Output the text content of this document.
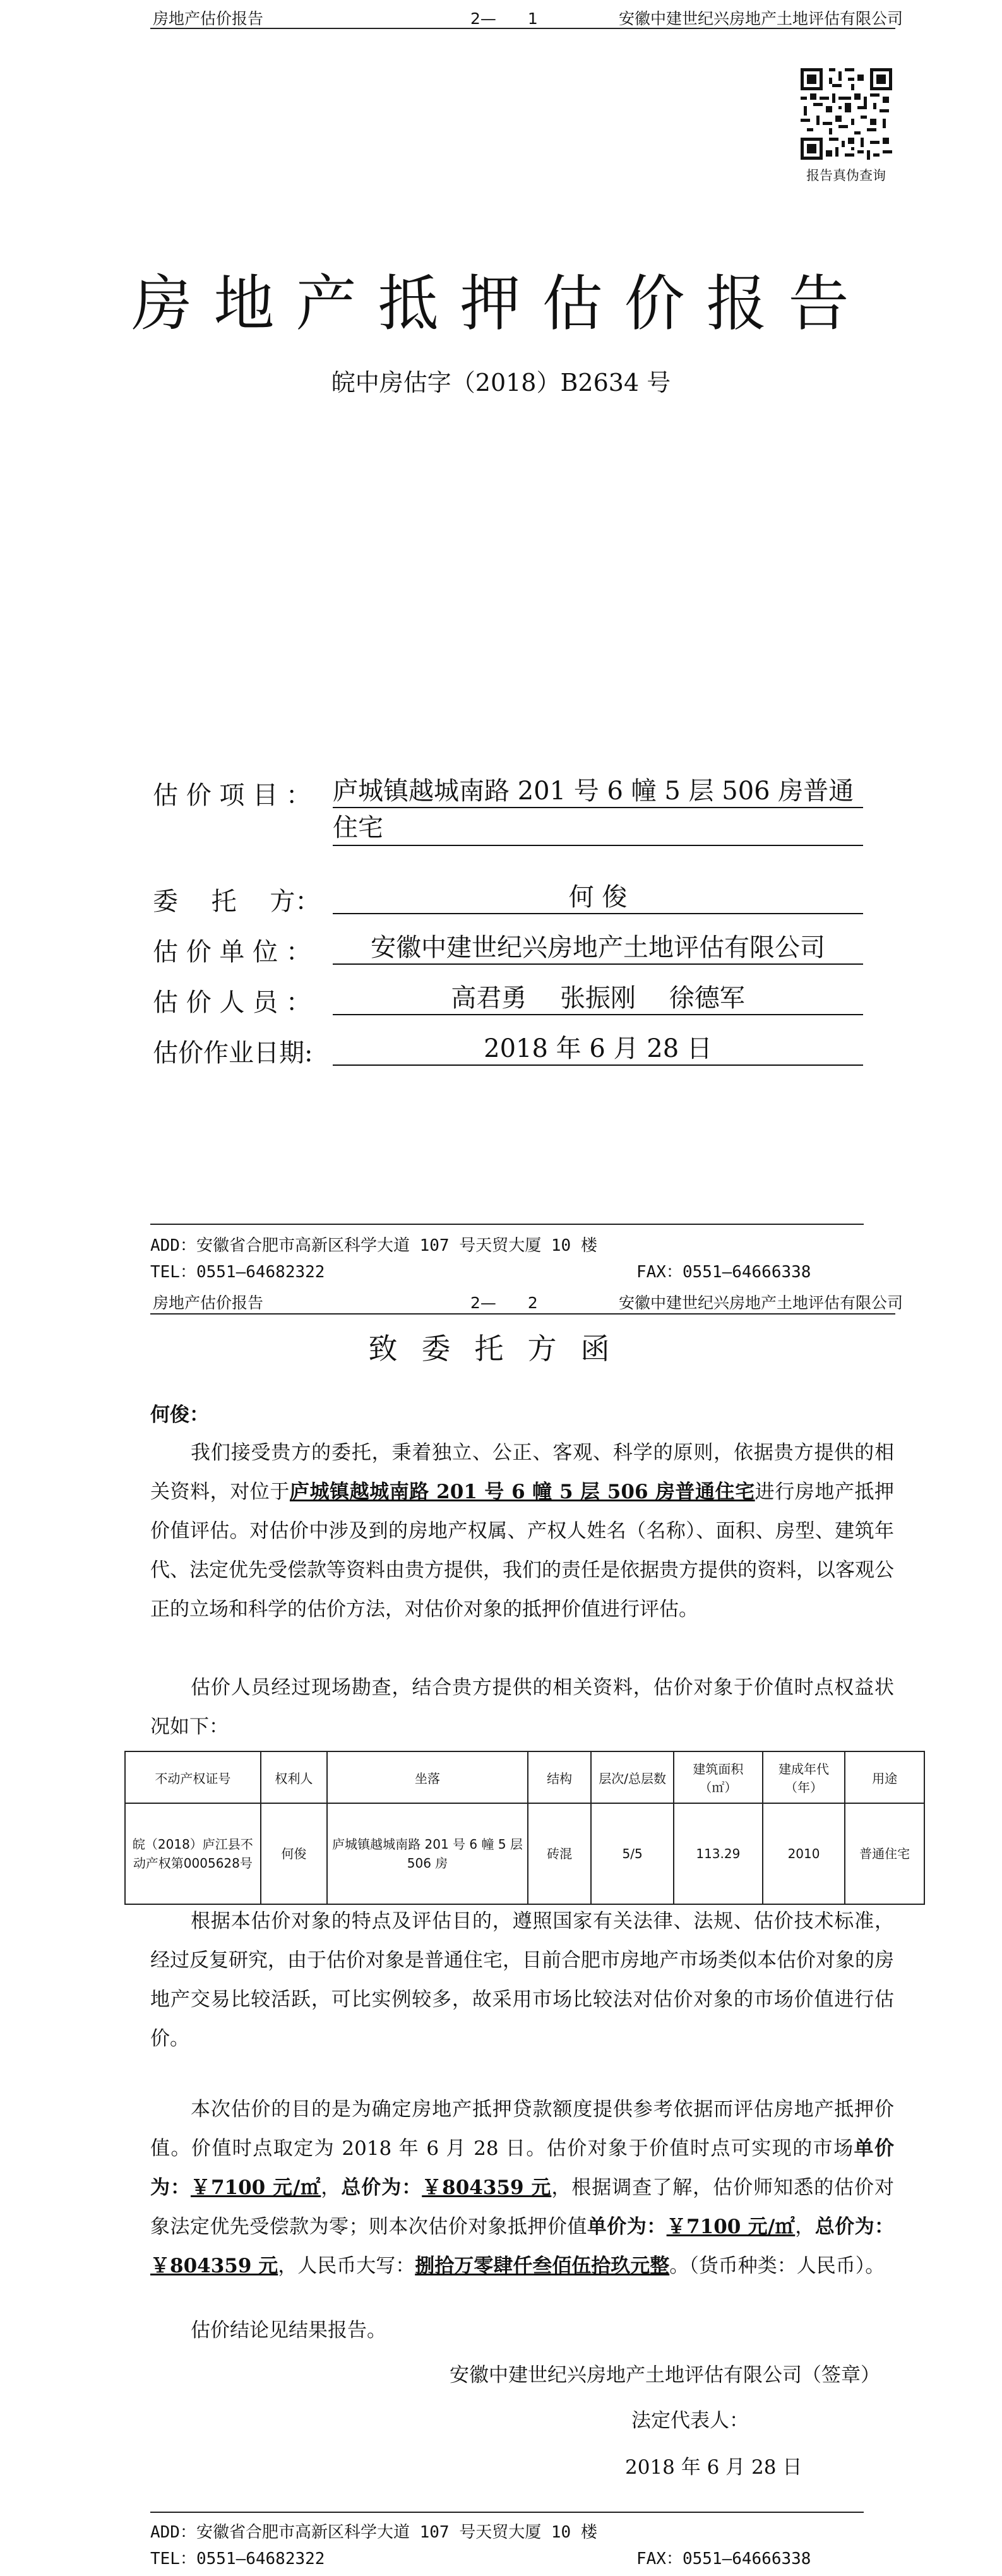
房地产估价报告	2—　　1	安徽中建世纪兴房地产土地评估有限公司
报告真伪查询
房地产抵押估价报告
皖中房估字（2018）B2634 号
估 价 项 目 ： 庐城镇越城南路 201 号 6 幢 5 层 506 房普通
住宅
委　 托　 方：	何 俊
估 价 单 位 ：	安徽中建世纪兴房地产土地评估有限公司
估 价 人 员 ：	高君勇　 张振刚　 徐德军
估价作业日期:	2018 年 6 月 28 日
ADD：安徽省合肥市高新区科学大道 107 号天贸大厦 10 楼
TEL：0551—64682322	FAX：0551—64666338
房地产估价报告	2—　　2	安徽中建世纪兴房地产土地评估有限公司
致委托方函
何俊：
我们接受贵方的委托，秉着独立、公正、客观、科学的原则，依据贵方提供的相关资料，对位于庐城镇越城南路 201 号 6 幢 5 层 506 房普通住宅进行房地产抵押价值评估。对估价中涉及到的房地产权属、产权人姓名（名称）、面积、房型、建筑年代、法定优先受偿款等资料由贵方提供，我们的责任是依据贵方提供的资料，以客观公正的立场和科学的估价方法，对估价对象的抵押价值进行评估。
估价人员经过现场勘查，结合贵方提供的相关资料，估价对象于价值时点权益状况如下：
不动产权证号	权利人	坐落	结构	层次/总层数	建筑面积（㎡）	建成年代（年）	用途
皖（2018）庐江县不动产权第0005628号	何俊	庐城镇越城南路 201 号 6 幢 5 层 506 房	砖混	5/5	113.29	2010	普通住宅
根据本估价对象的特点及评估目的，遵照国家有关法律、法规、估价技术标准，经过反复研究，由于估价对象是普通住宅，目前合肥市房地产市场类似本估价对象的房地产交易比较活跃，可比实例较多，故采用市场比较法对估价对象的市场价值进行估价。
本次估价的目的是为确定房地产抵押贷款额度提供参考依据而评估房地产抵押价值。价值时点取定为 2018 年 6 月 28 日。估价对象于价值时点可实现的市场单价为：￥7100 元/㎡，总价为：￥804359 元，根据调查了解，估价师知悉的估价对象法定优先受偿款为零；则本次估价对象抵押价值单价为：￥7100 元/㎡，总价为：￥804359 元，人民币大写：捌拾万零肆仟叁佰伍拾玖元整。（货币种类：人民币）。
估价结论见结果报告。
安徽中建世纪兴房地产土地评估有限公司（签章）
法定代表人：
2018 年 6 月 28 日
ADD：安徽省合肥市高新区科学大道 107 号天贸大厦 10 楼
TEL：0551—64682322	FAX：0551—64666338
